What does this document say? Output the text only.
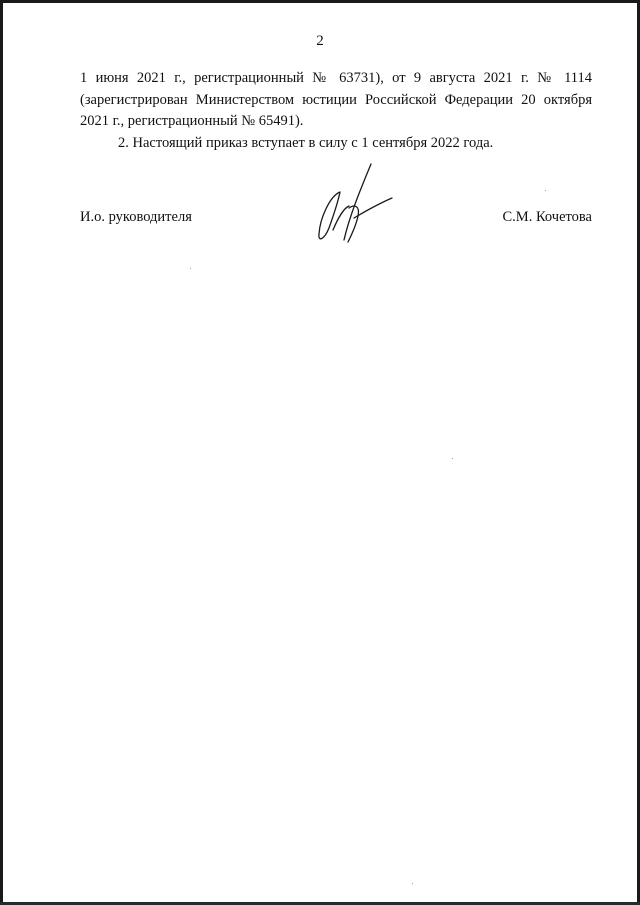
2

1 июня 2021 г., регистрационный № 63731), от 9 августа 2021 г. № 1114
(зарегистрирован Министерством юстиции Российской Федерации 20 октября
2021 г., регистрационный № 65491).

2. Настоящий приказ вступает в силу с 1 сентября 2022 года.

И.о. руководителя	С.М. Кочетова
